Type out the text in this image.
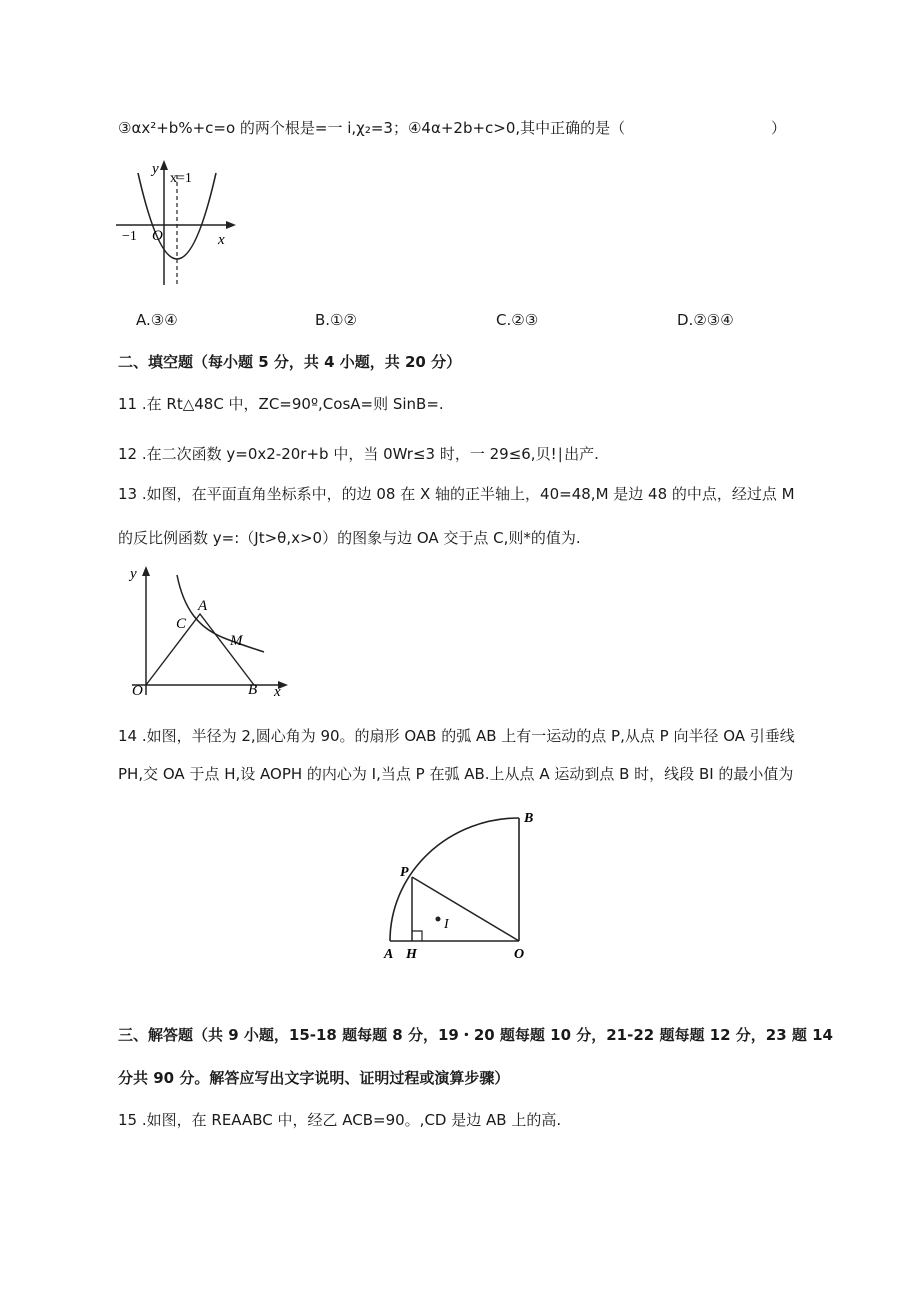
③αx²+b%+c=o 的两个根是=一 i,χ₂=3；④4α+2b+c>0,其中正确的是（	）
y
x=1
−1 O	x
A.③④	B.①②	C.②③	D.②③④
二、填空题（每小题 5 分，共 4 小题，共 20 分）
11 .在 Rt△48C 中，ZC=90º,CosA=则 SinB=.
12 .在二次函数 y=0x2-20r+b 中，当 0Wr≤3 时，一 29≤6,贝!∣出产.
13 .如图，在平面直角坐标系中，的边 08 在 X 轴的正半轴上，40=48,M 是边 48 的中点，经过点 M
的反比例函数 y=:（Jt>θ,x>0）的图象与边 OA 交于点 C,则*的值为.
y
x
O
A
C
M
B
14 .如图，半径为 2,圆心角为 90。的扇形 OAB 的弧 AB 上有一运动的点 P,从点 P 向半径 OA 引垂线
PH,交 OA 于点 H,设 AOPH 的内心为 I,当点 P 在弧 AB.上从点 A 运动到点 B 时，线段 BI 的最小值为
I
P
B
A H	O
三、解答题（共 9 小题，15-18 题每题 8 分，19・20 题每题 10 分，21-22 题每题 12 分，23 题 14
分共 90 分。解答应写出文字说明、证明过程或演算步骤）
15 .如图，在 REAABC 中，经乙 ACB=90。,CD 是边 AB 上的高.
